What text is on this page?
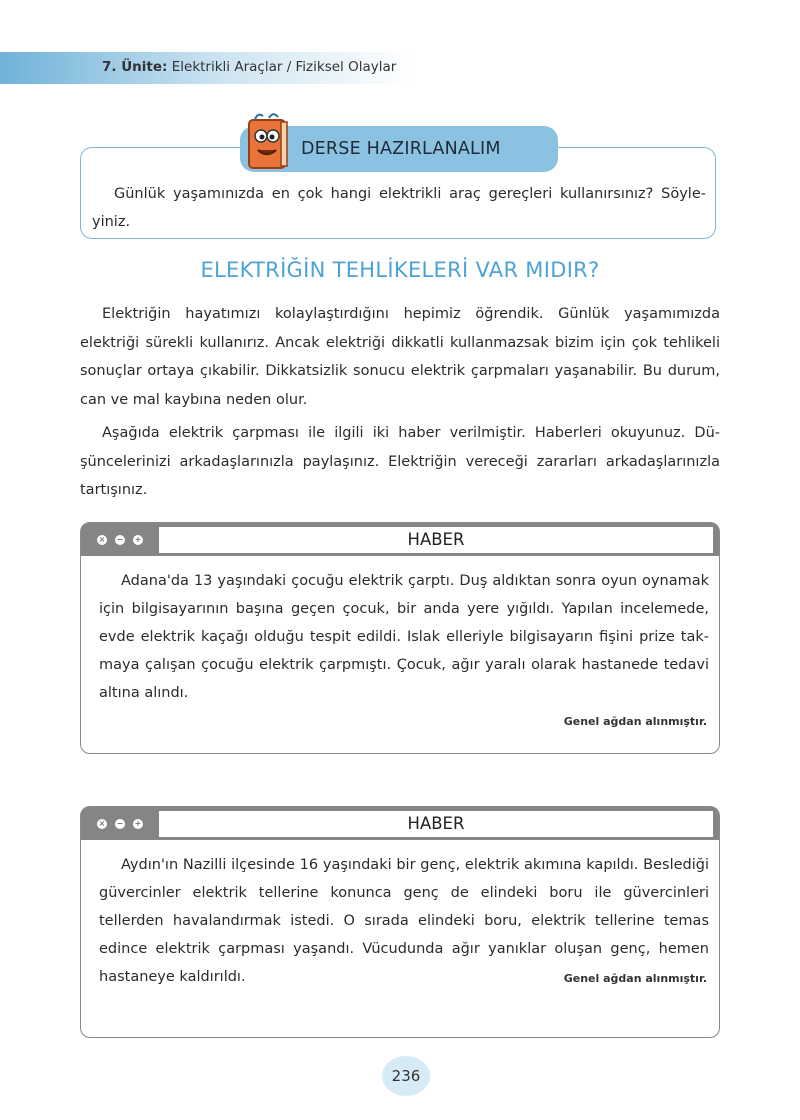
7. Ünite: Elektrikli Araçlar / Fiziksel Olaylar
DERSE HAZIRLANALIM
Günlük yaşamınızda en çok hangi elektrikli araç gereçleri kullanırsınız? Söyle-yiniz.
ELEKTRİĞİN TEHLİKELERİ VAR MIDIR?
Elektriğin hayatımızı kolaylaştırdığını hepimiz öğrendik. Günlük yaşamımızda elektriği sürekli kullanırız. Ancak elektriği dikkatli kullanmazsak bizim için çok tehlikeli sonuçlar ortaya çıkabilir. Dikkatsizlik sonucu elektrik çarpmaları yaşanabilir. Bu durum, can ve mal kaybına neden olur.
Aşağıda elektrik çarpması ile ilgili iki haber verilmiştir. Haberleri okuyunuz. Dü-şüncelerinizi arkadaşlarınızla paylaşınız. Elektriğin vereceği zararları arkadaşlarınızla tartışınız.
× − +	HABER
Adana'da 13 yaşındaki çocuğu elektrik çarptı. Duş aldıktan sonra oyun oynamak için bilgisayarının başına geçen çocuk, bir anda yere yığıldı. Yapılan incelemede, evde elektrik kaçağı olduğu tespit edildi. Islak elleriyle bilgisayarın fişini prize tak-maya çalışan çocuğu elektrik çarpmıştı. Çocuk, ağır yaralı olarak hastanede tedavi altına alındı.
Genel ağdan alınmıştır.
× − +	HABER
Aydın'ın Nazilli ilçesinde 16 yaşındaki bir genç, elektrik akımına kapıldı. Beslediği güvercinler elektrik tellerine konunca genç de elindeki boru ile güvercinleri tellerden havalandırmak istedi. O sırada elindeki boru, elektrik tellerine temas edince elektrik çarpması yaşandı. Vücudunda ağır yanıklar oluşan genç, hemen hastaneye kaldırıldı.	Genel ağdan alınmıştır.
236
